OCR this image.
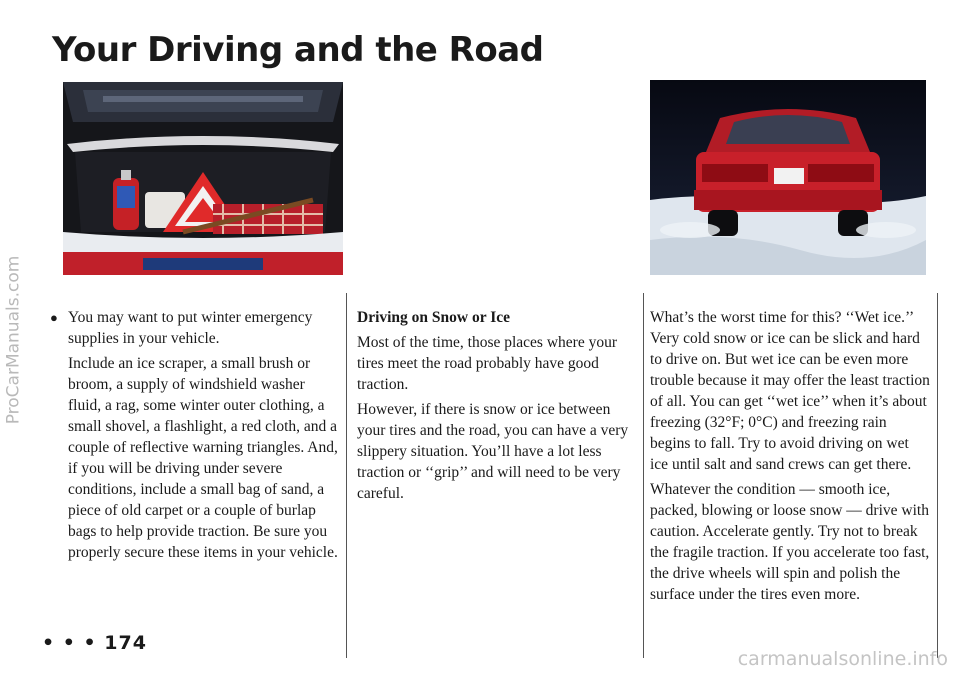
ProCarManuals.com
Your Driving and the Road
● You may want to put winter emergency supplies in your vehicle.

Include an ice scraper, a small brush or broom, a supply of windshield washer fluid, a rag, some winter outer clothing, a small shovel, a flashlight, a red cloth, and a couple of reflective warning triangles. And, if you will be driving under severe conditions, include a small bag of sand, a piece of old carpet or a couple of burlap bags to help provide traction. Be sure you properly secure these items in your vehicle.

Driving on Snow or Ice

Most of the time, those places where your tires meet the road probably have good traction.

However, if there is snow or ice between your tires and the road, you can have a very slippery situation. You’ll have a lot less traction or ‘‘grip’’ and will need to be very careful.

What’s the worst time for this? ‘‘Wet ice.’’ Very cold snow or ice can be slick and hard to drive on. But wet ice can be even more trouble because it may offer the least traction of all. You can get ‘‘wet ice’’ when it’s about freezing (32°F; 0°C) and freezing rain begins to fall. Try to avoid driving on wet ice until salt and sand crews can get there.

Whatever the condition — smooth ice, packed, blowing or loose snow — drive with caution. Accelerate gently. Try not to break the fragile traction. If you accelerate too fast, the drive wheels will spin and polish the surface under the tires even more.

• • • 174
carmanualsonline.info
